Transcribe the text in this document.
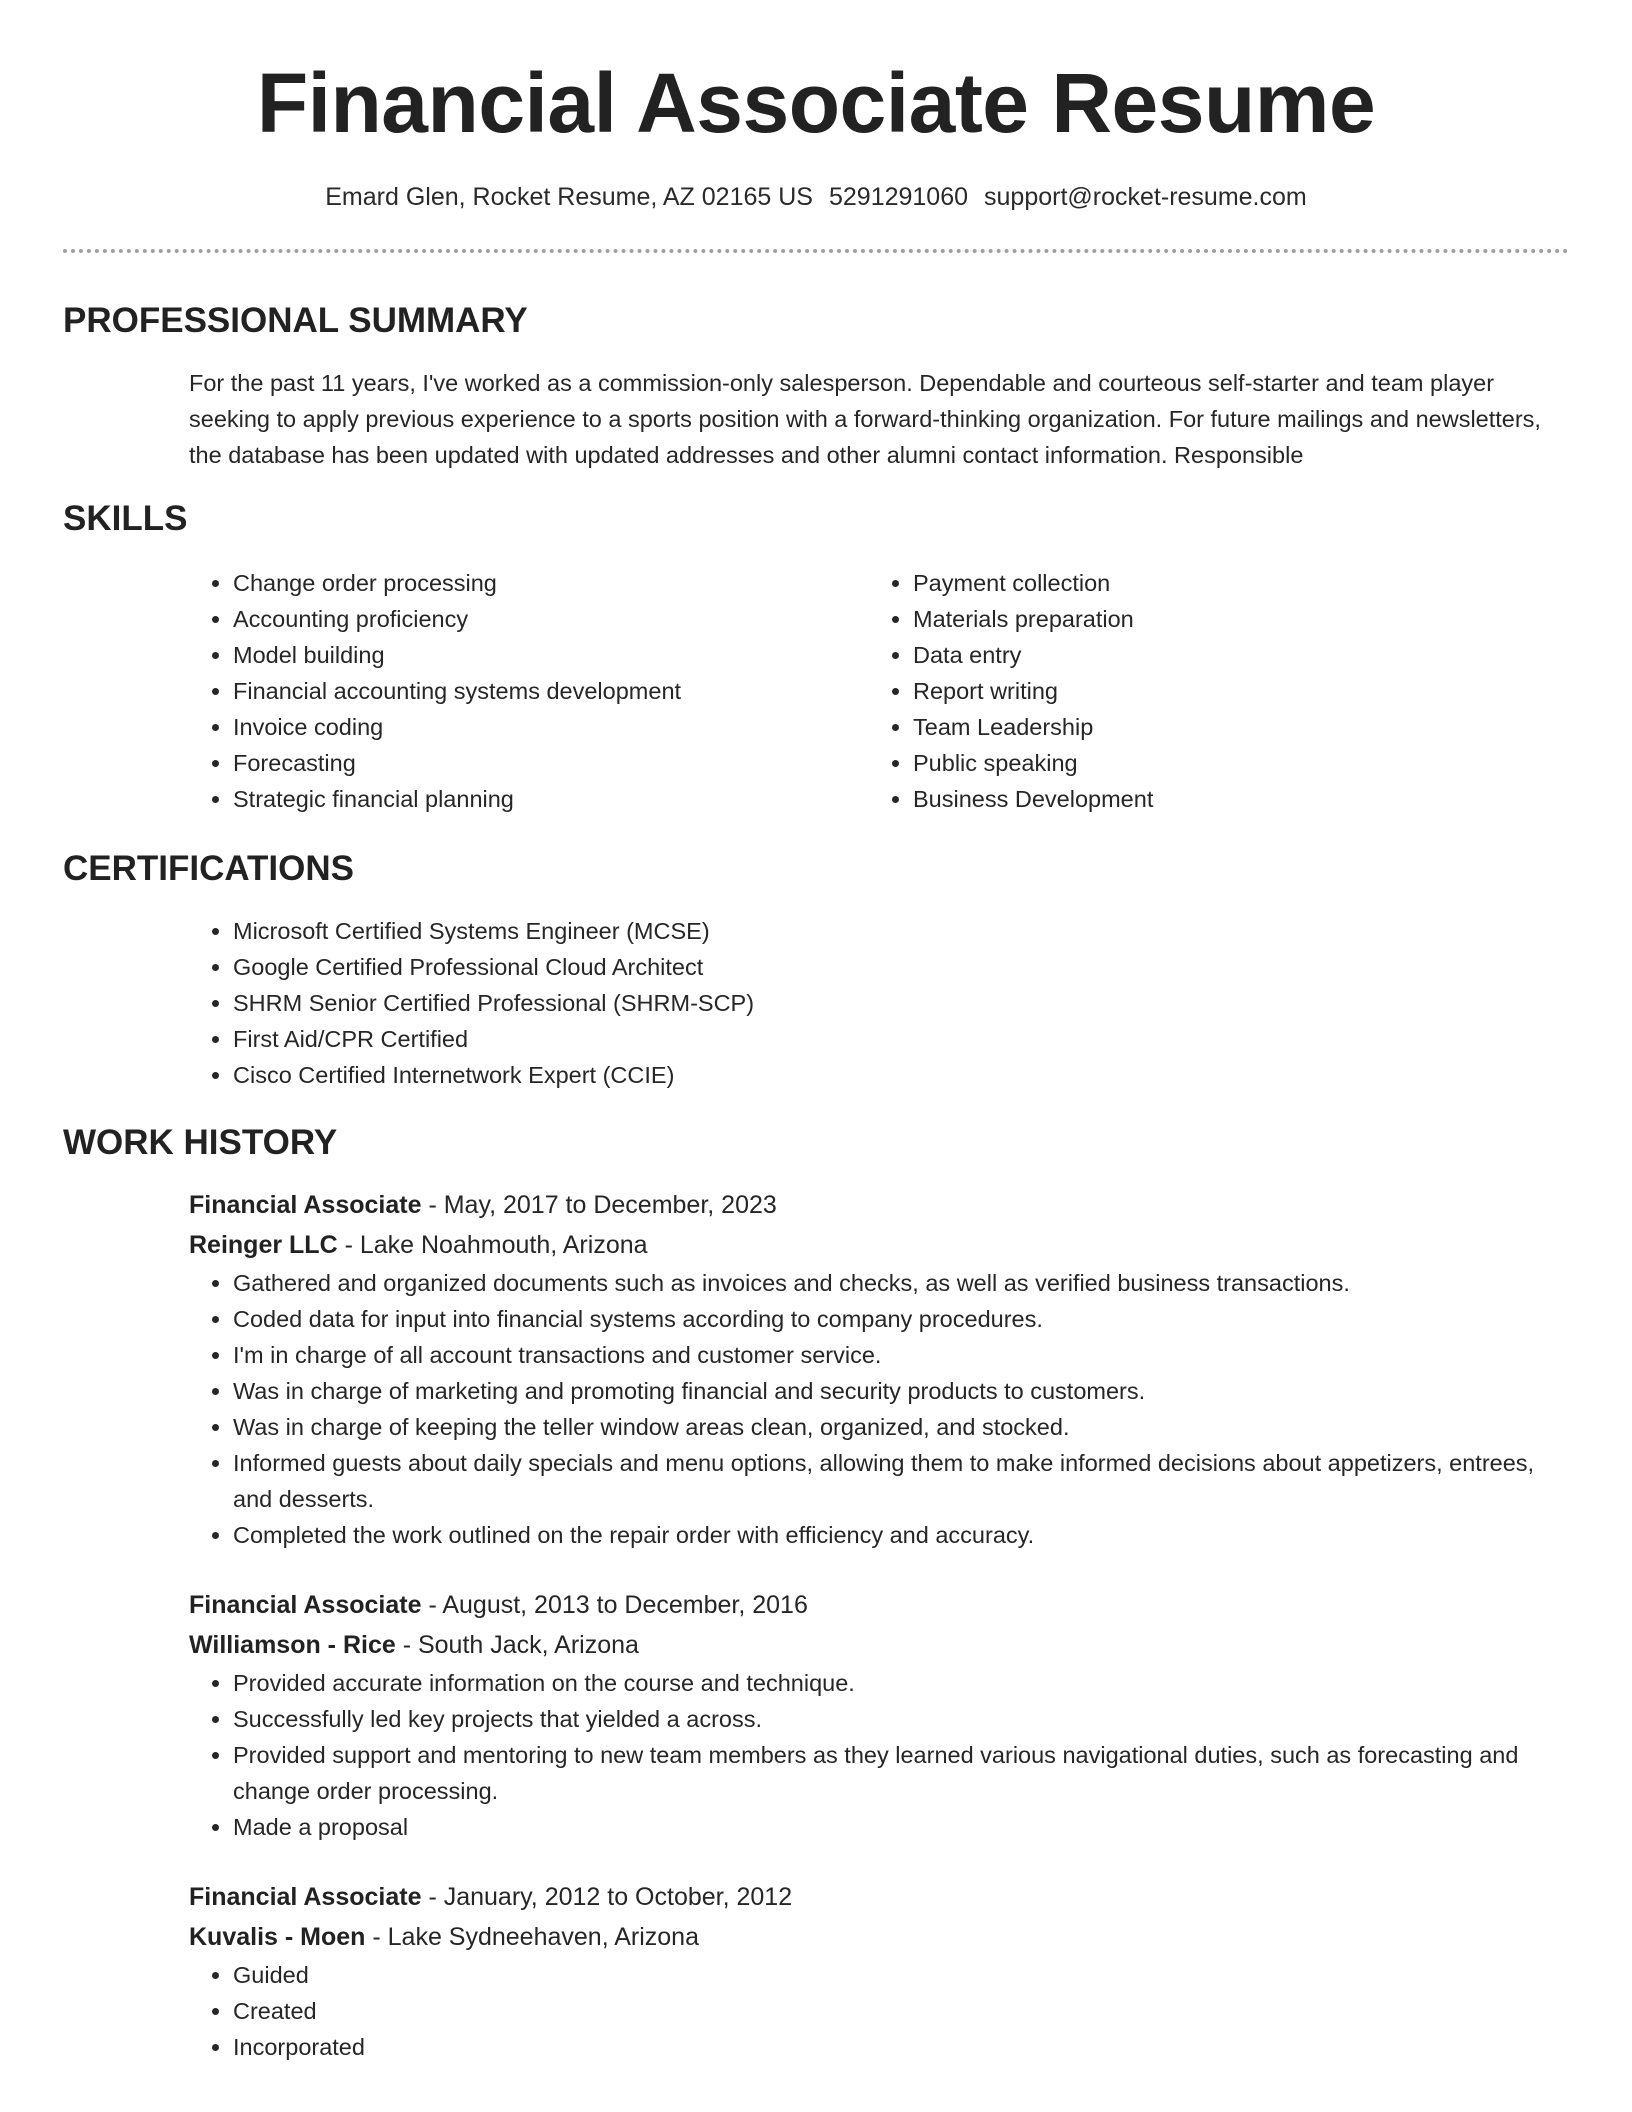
Financial Associate Resume
Emard Glen, Rocket Resume, AZ 02165 US 5291291060 support@rocket-resume.com
PROFESSIONAL SUMMARY

For the past 11 years, I've worked as a commission-only salesperson. Dependable and courteous self-starter and team player seeking to apply previous experience to a sports position with a forward-thinking organization. For future mailings and newsletters, the database has been updated with updated addresses and other alumni contact information. Responsible

SKILLS
• Change order processing
• Accounting proficiency
• Model building
• Financial accounting systems development
• Invoice coding
• Forecasting
• Strategic financial planning
• Payment collection
• Materials preparation
• Data entry
• Report writing
• Team Leadership
• Public speaking
• Business Development
CERTIFICATIONS
• Microsoft Certified Systems Engineer (MCSE)
• Google Certified Professional Cloud Architect
• SHRM Senior Certified Professional (SHRM-SCP)
• First Aid/CPR Certified
• Cisco Certified Internetwork Expert (CCIE)
WORK HISTORY
Financial Associate - May, 2017 to December, 2023
Reinger LLC - Lake Noahmouth, Arizona
• Gathered and organized documents such as invoices and checks, as well as verified business transactions.
• Coded data for input into financial systems according to company procedures.
• I'm in charge of all account transactions and customer service.
• Was in charge of marketing and promoting financial and security products to customers.
• Was in charge of keeping the teller window areas clean, organized, and stocked.
• Informed guests about daily specials and menu options, allowing them to make informed decisions about appetizers, entrees, and desserts.
• Completed the work outlined on the repair order with efficiency and accuracy.
Financial Associate - August, 2013 to December, 2016
Williamson - Rice - South Jack, Arizona
• Provided accurate information on the course and technique.
• Successfully led key projects that yielded a across.
• Provided support and mentoring to new team members as they learned various navigational duties, such as forecasting and change order processing.
• Made a proposal
Financial Associate - January, 2012 to October, 2012
Kuvalis - Moen - Lake Sydneehaven, Arizona
• Guided
• Created
• Incorporated
